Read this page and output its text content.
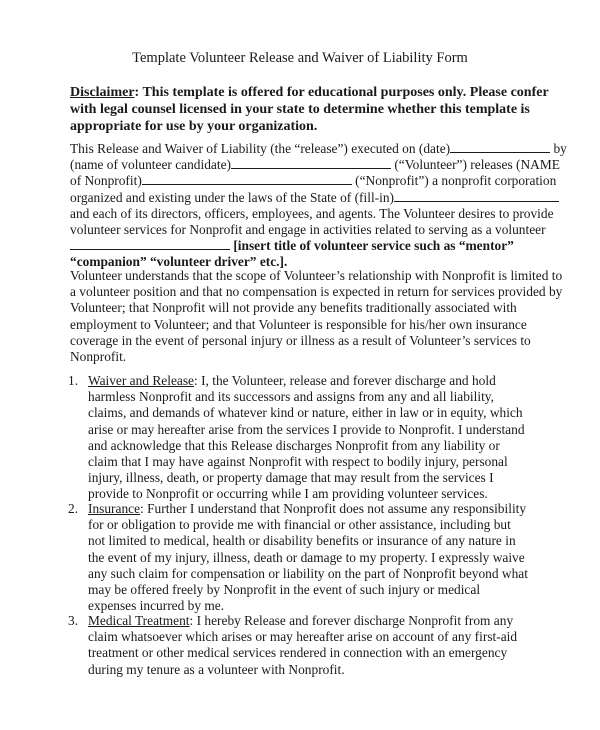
Template Volunteer Release and Waiver of Liability Form
Disclaimer: This template is offered for educational purposes only. Please confer with legal counsel licensed in your state to determine whether this template is appropriate for use by your organization.
This Release and Waiver of Liability (the “release”) executed on (date)	by (name of volunteer candidate)	(“Volunteer”) releases (NAME of Nonprofit)	(“Nonprofit”) a nonprofit corporation organized and existing under the laws of the State of (fill-in) and each of its directors, officers, employees, and agents. The Volunteer desires to provide volunteer services for Nonprofit and engage in activities related to serving as a volunteer [insert title of volunteer service such as “mentor” “companion” “volunteer driver” etc.].
Volunteer understands that the scope of Volunteer’s relationship with Nonprofit is limited to a volunteer position and that no compensation is expected in return for services provided by Volunteer; that Nonprofit will not provide any benefits traditionally associated with employment to Volunteer; and that Volunteer is responsible for his/her own insurance coverage in the event of personal injury or illness as a result of Volunteer’s services to Nonprofit.
1. Waiver and Release: I, the Volunteer, release and forever discharge and hold harmless Nonprofit and its successors and assigns from any and all liability, claims, and demands of whatever kind or nature, either in law or in equity, which arise or may hereafter arise from the services I provide to Nonprofit. I understand and acknowledge that this Release discharges Nonprofit from any liability or claim that I may have against Nonprofit with respect to bodily injury, personal injury, illness, death, or property damage that may result from the services I provide to Nonprofit or occurring while I am providing volunteer services.
2. Insurance: Further I understand that Nonprofit does not assume any responsibility for or obligation to provide me with financial or other assistance, including but not limited to medical, health or disability benefits or insurance of any nature in the event of my injury, illness, death or damage to my property. I expressly waive any such claim for compensation or liability on the part of Nonprofit beyond what may be offered freely by Nonprofit in the event of such injury or medical expenses incurred by me.
3. Medical Treatment: I hereby Release and forever discharge Nonprofit from any claim whatsoever which arises or may hereafter arise on account of any first-aid treatment or other medical services rendered in connection with an emergency during my tenure as a volunteer with Nonprofit.
